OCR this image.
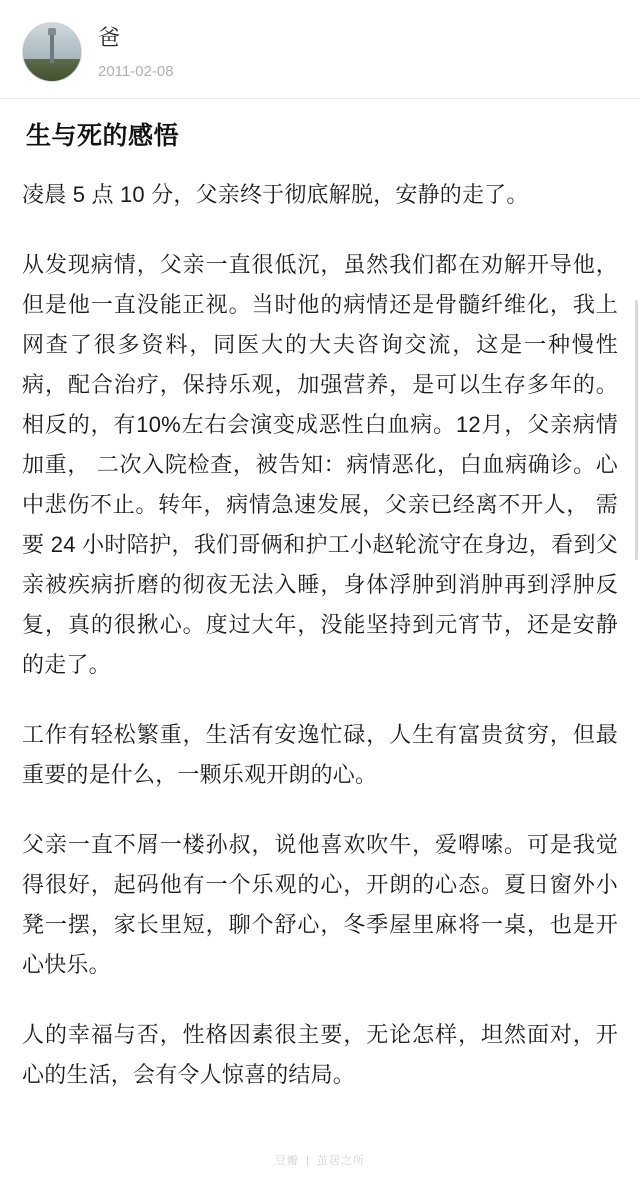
爸
2011-02-08
生与死的感悟

凌晨 5 点 10 分，父亲终于彻底解脱，安静的走了。

从发现病情，父亲一直很低沉，虽然我们都在劝解开导他，但是他一直没能正视。当时他的病情还是骨髓纤维化，我上网查了很多资料，同医大的大夫咨询交流，这是一种慢性病，配合治疗，保持乐观，加强营养，是可以生存多年的。相反的，有10%左右会演变成恶性白血病。12月，父亲病情加重， 二次入院检查，被告知：病情恶化，白血病确诊。心中悲伤不止。转年，病情急速发展，父亲已经离不开人， 需要 24 小时陪护，我们哥俩和护工小赵轮流守在身边，看到父亲被疾病折磨的彻夜无法入睡，身体浮肿到消肿再到浮肿反复，真的很揪心。度过大年，没能坚持到元宵节，还是安静的走了。

工作有轻松繁重，生活有安逸忙碌，人生有富贵贫穷，但最重要的是什么，一颗乐观开朗的心。

父亲一直不屑一楼孙叔，说他喜欢吹牛，爱嘚嗦。可是我觉得很好，起码他有一个乐观的心，开朗的心态。夏日窗外小凳一摆，家长里短，聊个舒心，冬季屋里麻将一桌，也是开心快乐。

人的幸福与否，性格因素很主要，无论怎样，坦然面对，开心的生活，会有令人惊喜的结局。

豆瓣 | 茧居之所
